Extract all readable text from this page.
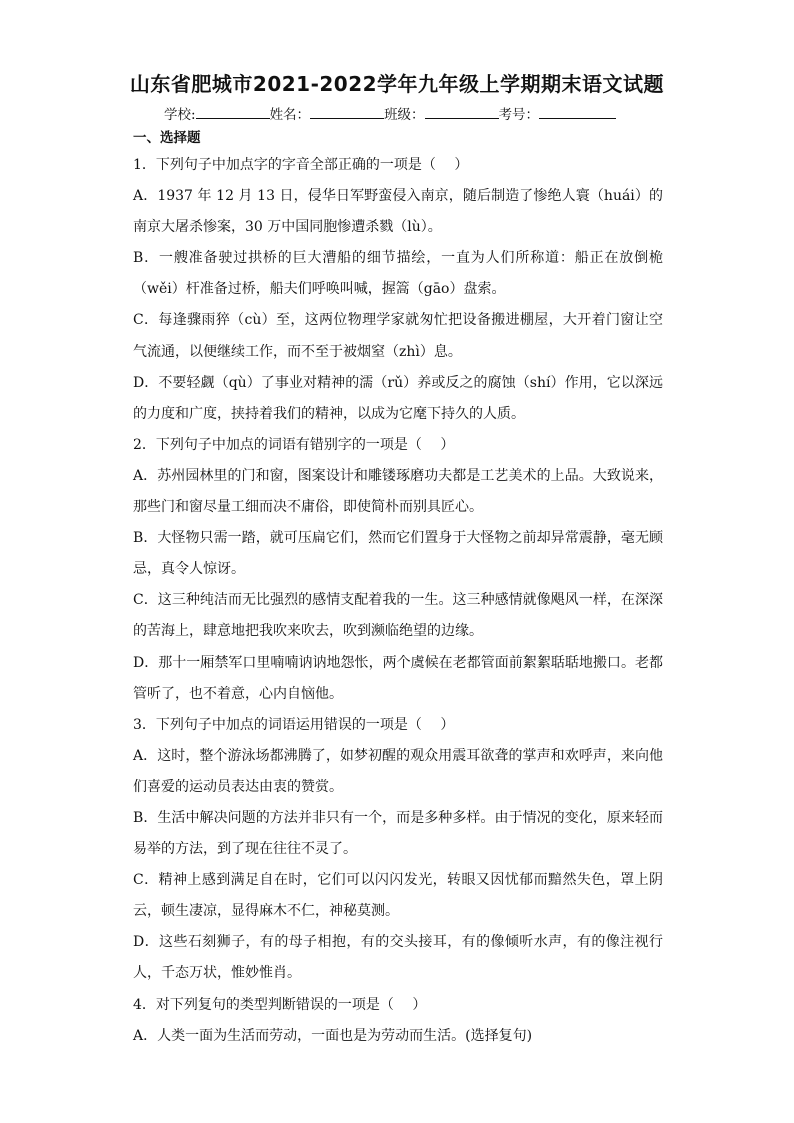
山东省肥城市2021-2022学年九年级上学期期末语文试题
学校:	姓名：	班级：	考号：
一、选择题

1．下列句子中加点字的字音全部正确的一项是（　 ）

A．1937 年 12 月 13 日，侵华日军野蛮侵入南京，随后制造了惨绝人寰（huái）的南京大屠杀惨案，30 万中国同胞惨遭杀戮（lù）。

B．一艘准备驶过拱桥的巨大漕船的细节描绘，一直为人们所称道：船正在放倒桅（wěi）杆准备过桥，船夫们呼唤叫喊，握篙（gāo）盘索。

C．每逢骤雨猝（cù）至，这两位物理学家就匆忙把设备搬进棚屋，大开着门窗让空气流通，以便继续工作，而不至于被烟窒（zhì）息。

D．不要轻觑（qù）了事业对精神的濡（rǔ）养或反之的腐蚀（shí）作用，它以深远的力度和广度，挟持着我们的精神，以成为它麾下持久的人质。

2．下列句子中加点的词语有错别字的一项是（　 ）

A．苏州园林里的门和窗，图案设计和雕镂琢磨功夫都是工艺美术的上品。大致说来，那些门和窗尽量工细而决不庸俗，即使简朴而别具匠心。

B．大怪物只需一踏，就可压扁它们，然而它们置身于大怪物之前却异常震静，毫无顾忌，真令人惊讶。

C．这三种纯洁而无比强烈的感情支配着我的一生。这三种感情就像飓风一样，在深深的苦海上，肆意地把我吹来吹去，吹到濒临绝望的边缘。

D．那十一厢禁军口里喃喃讷讷地怨怅，两个虞候在老都管面前絮絮聒聒地搬口。老都管听了，也不着意，心内自恼他。

3．下列句子中加点的词语运用错误的一项是（　 ）

A．这时，整个游泳场都沸腾了，如梦初醒的观众用震耳欲聋的掌声和欢呼声，来向他们喜爱的运动员表达由衷的赞赏。

B．生活中解决问题的方法并非只有一个，而是多种多样。由于情况的变化，原来轻而易举的方法，到了现在往往不灵了。

C．精神上感到满足自在时，它们可以闪闪发光，转眼又因忧郁而黯然失色，罩上阴云，顿生凄凉，显得麻木不仁，神秘莫测。

D．这些石刻狮子，有的母子相抱，有的交头接耳，有的像倾听水声，有的像注视行人，千态万状，惟妙惟肖。

4．对下列复句的类型判断错误的一项是（　 ）

A．人类一面为生活而劳动，一面也是为劳动而生活。(选择复句)
